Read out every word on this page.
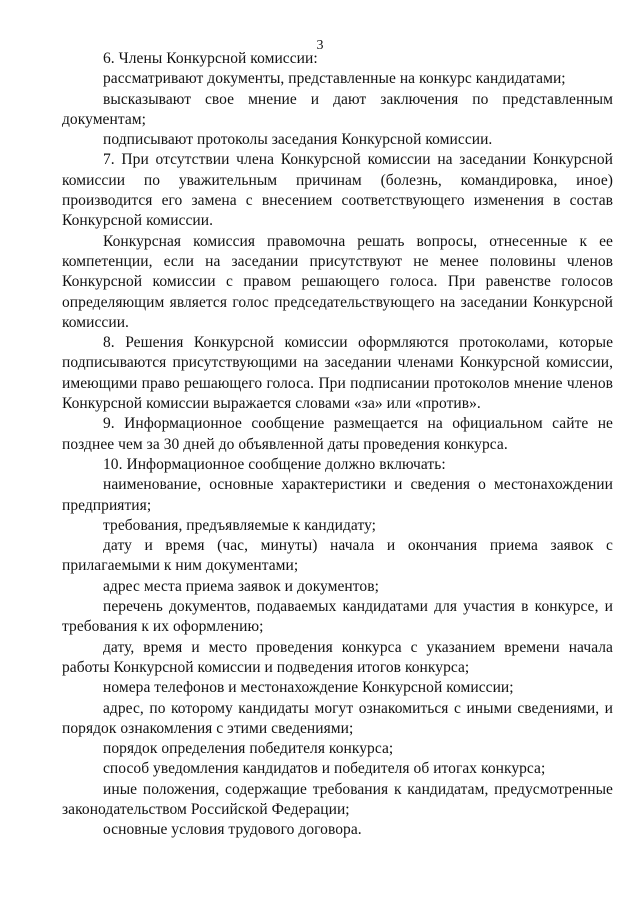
3

6. Члены Конкурсной комиссии:

рассматривают документы, представленные на конкурс кандидатами;

высказывают свое мнение и дают заключения по представленным документам;

подписывают протоколы заседания Конкурсной комиссии.

7. При отсутствии члена Конкурсной комиссии на заседании Конкурсной комиссии по уважительным причинам (болезнь, командировка, иное) производится его замена с внесением соответствующего изменения в состав Конкурсной комиссии.

Конкурсная комиссия правомочна решать вопросы, отнесенные к ее компетенции, если на заседании присутствуют не менее половины членов Конкурсной комиссии с правом решающего голоса. При равенстве голосов определяющим является голос председательствующего на заседании Конкурсной комиссии.

8. Решения Конкурсной комиссии оформляются протоколами, которые подписываются присутствующими на заседании членами Конкурсной комиссии, имеющими право решающего голоса. При подписании протоколов мнение членов Конкурсной комиссии выражается словами «за» или «против».

9. Информационное сообщение размещается на официальном сайте не позднее чем за 30 дней до объявленной даты проведения конкурса.

10. Информационное сообщение должно включать:

наименование, основные характеристики и сведения о местонахождении предприятия;

требования, предъявляемые к кандидату;

дату и время (час, минуты) начала и окончания приема заявок с прилагаемыми к ним документами;

адрес места приема заявок и документов;

перечень документов, подаваемых кандидатами для участия в конкурсе, и требования к их оформлению;

дату, время и место проведения конкурса с указанием времени начала работы Конкурсной комиссии и подведения итогов конкурса;

номера телефонов и местонахождение Конкурсной комиссии;

адрес, по которому кандидаты могут ознакомиться с иными сведениями, и порядок ознакомления с этими сведениями;

порядок определения победителя конкурса;

способ уведомления кандидатов и победителя об итогах конкурса;

иные положения, содержащие требования к кандидатам, предусмотренные законодательством Российской Федерации;

основные условия трудового договора.
